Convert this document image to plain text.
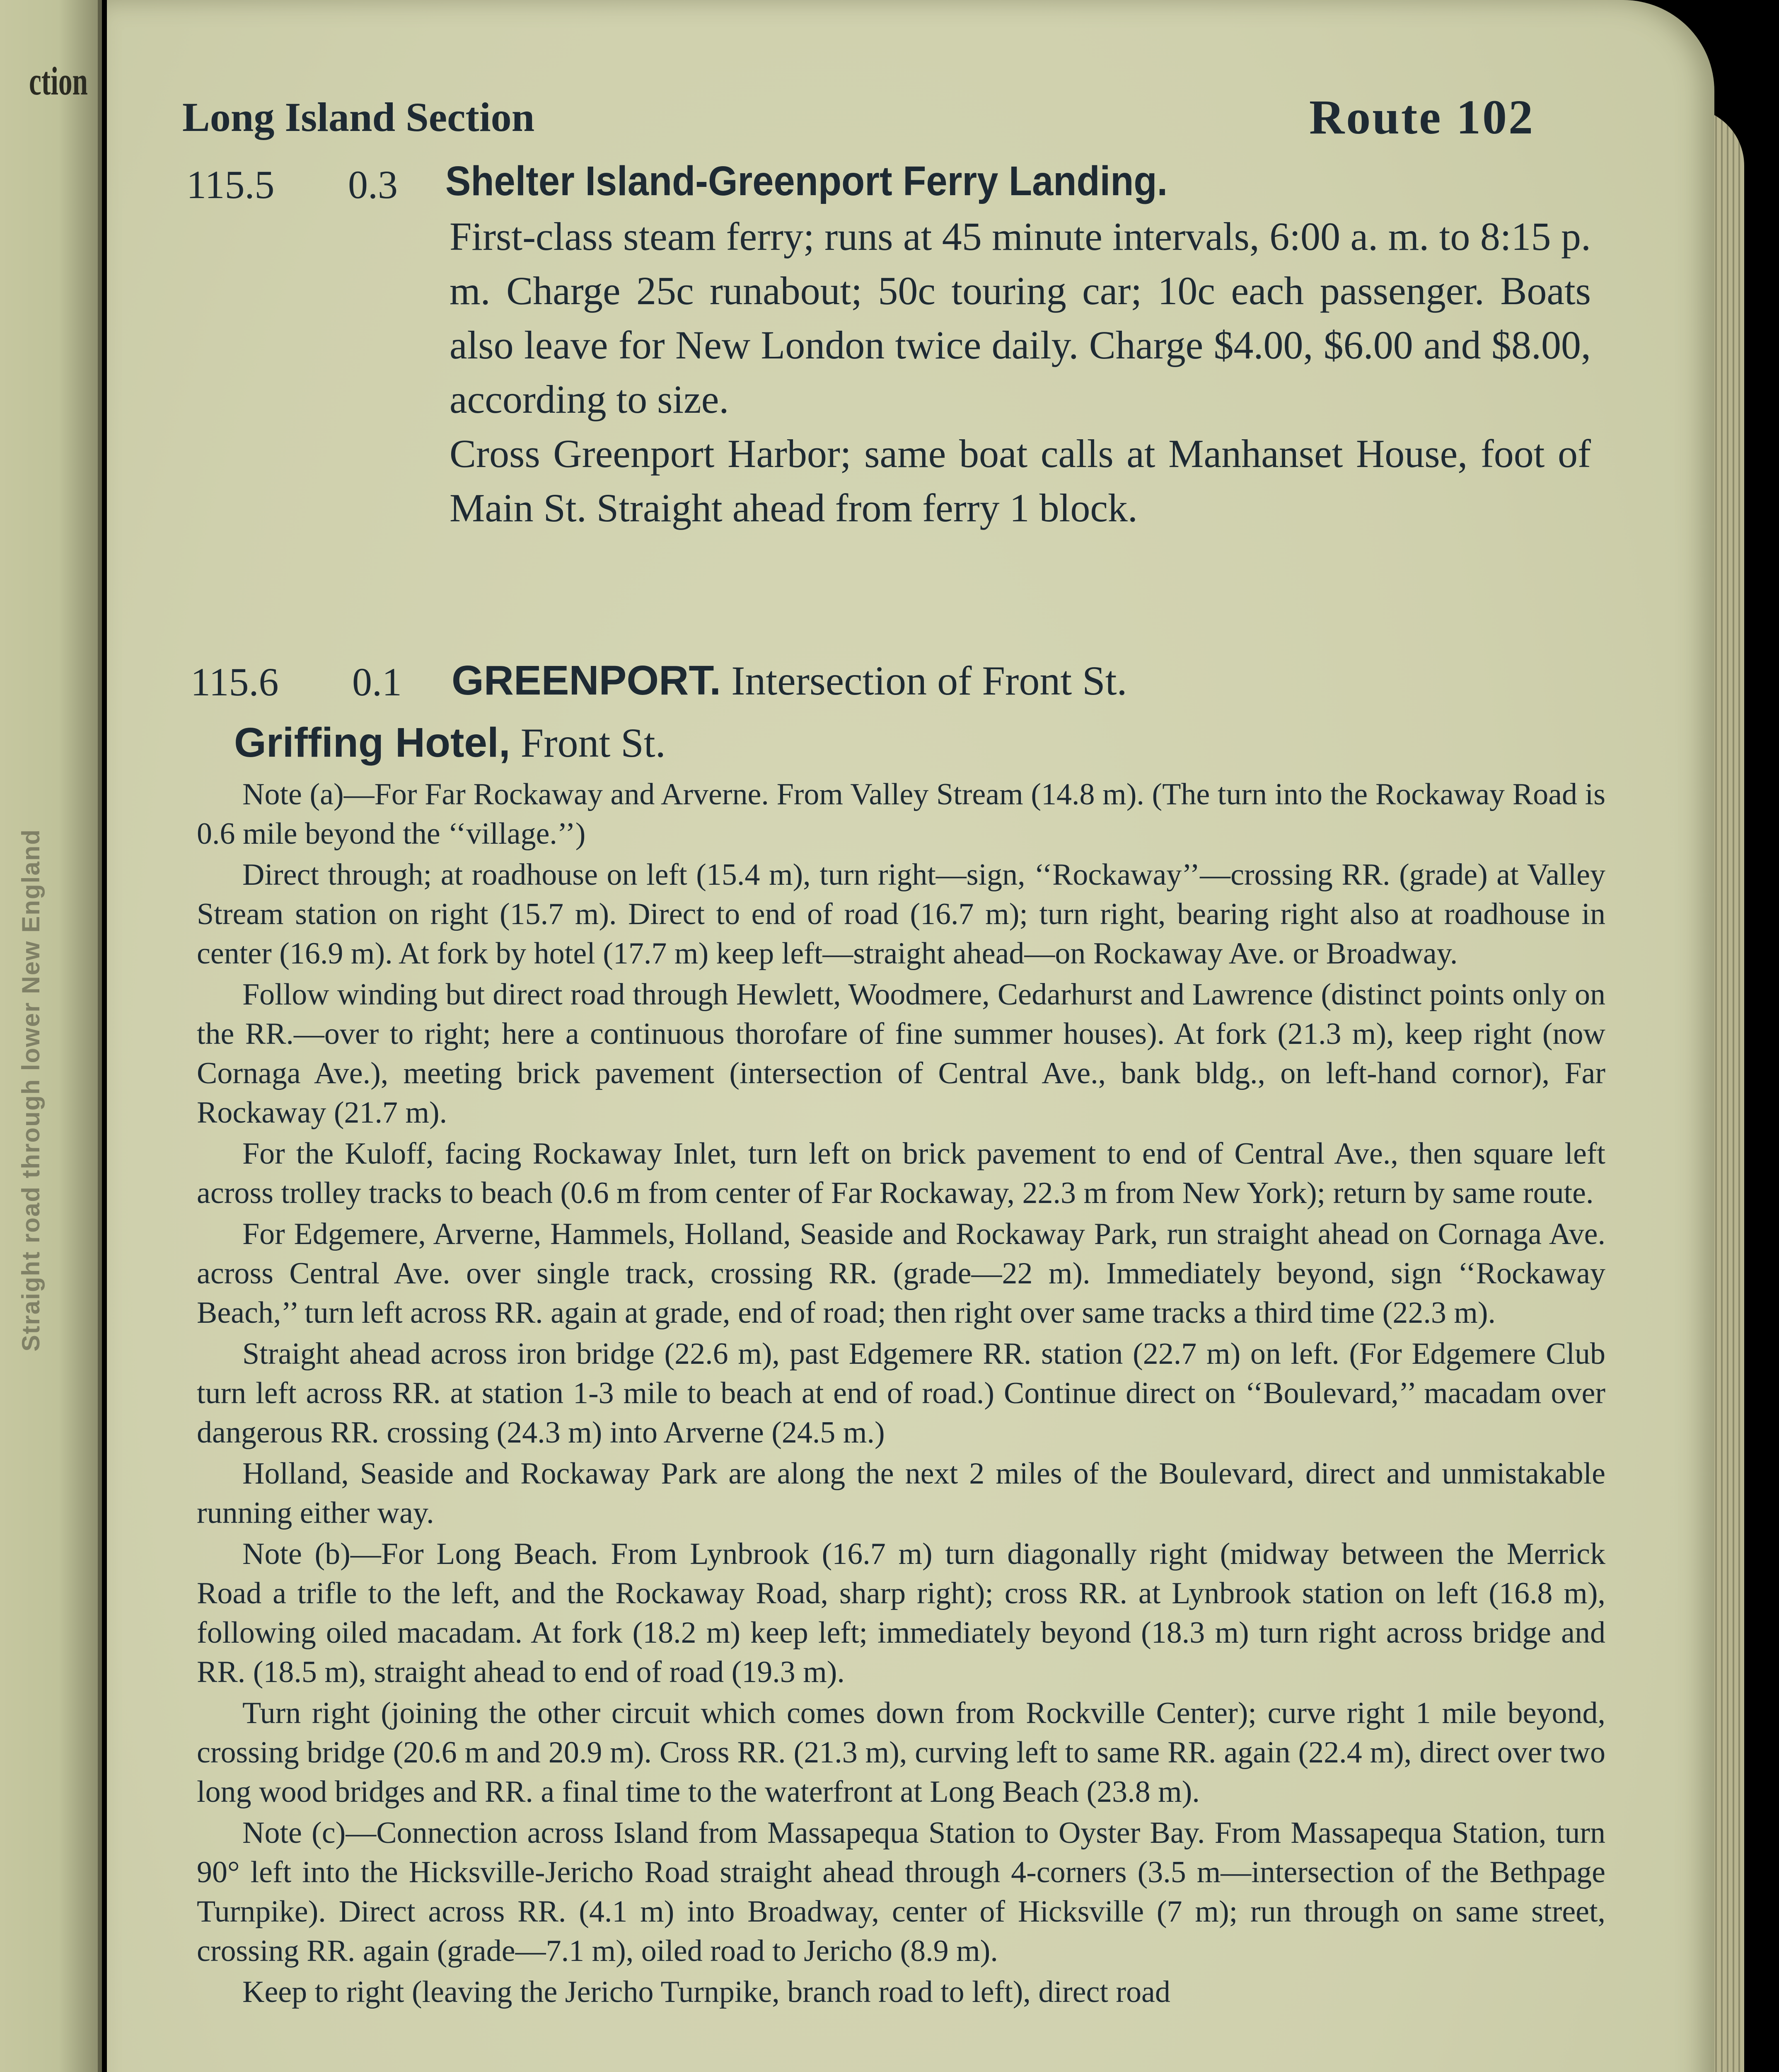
ction
Straight road through lower New England
Long Island Section	Route 102
115.5 0.3 Shelter Island-Greenport Ferry Landing.

First-class steam ferry; runs at 45 minute intervals, 6:00 a. m. to 8:15 p. m. Charge 25c runabout; 50c touring car; 10c each passenger. Boats also leave for New London twice daily. Charge $4.00, $6.00 and $8.00, according to size.

Cross Greenport Harbor; same boat calls at Manhanset House, foot of Main St. Straight ahead from ferry 1 block.

115.6 0.1 GREENPORT. Intersection of Front St.
Griffing Hotel, Front St.

Note (a)—For Far Rockaway and Arverne. From Valley Stream (14.8 m). (The turn into the Rockaway Road is 0.6 mile beyond the ‘‘village.’’)

Direct through; at roadhouse on left (15.4 m), turn right—sign, ‘‘Rockaway’’—crossing RR. (grade) at Valley Stream station on right (15.7 m). Direct to end of road (16.7 m); turn right, bearing right also at roadhouse in center (16.9 m). At fork by hotel (17.7 m) keep left—straight ahead—on Rockaway Ave. or Broadway.

Follow winding but direct road through Hewlett, Woodmere, Cedarhurst and Lawrence (distinct points only on the RR.—over to right; here a continuous thorofare of fine summer houses). At fork (21.3 m), keep right (now Cornaga Ave.), meeting brick pavement (intersection of Central Ave., bank bldg., on left-hand cornor), Far Rockaway (21.7 m).

For the Kuloff, facing Rockaway Inlet, turn left on brick pavement to end of Central Ave., then square left across trolley tracks to beach (0.6 m from center of Far Rockaway, 22.3 m from New York); return by same route.

For Edgemere, Arverne, Hammels, Holland, Seaside and Rockaway Park, run straight ahead on Cornaga Ave. across Central Ave. over single track, crossing RR. (grade—22 m). Immediately beyond, sign ‘‘Rockaway Beach,’’ turn left across RR. again at grade, end of road; then right over same tracks a third time (22.3 m).

Straight ahead across iron bridge (22.6 m), past Edgemere RR. station (22.7 m) on left. (For Edgemere Club turn left across RR. at station 1-3 mile to beach at end of road.) Continue direct on ‘‘Boulevard,’’ macadam over dangerous RR. crossing (24.3 m) into Arverne (24.5 m.)

Holland, Seaside and Rockaway Park are along the next 2 miles of the Boulevard, direct and unmistakable running either way.

Note (b)—For Long Beach. From Lynbrook (16.7 m) turn diagonally right (midway between the Merrick Road a trifle to the left, and the Rockaway Road, sharp right); cross RR. at Lynbrook station on left (16.8 m), following oiled macadam. At fork (18.2 m) keep left; immediately beyond (18.3 m) turn right across bridge and RR. (18.5 m), straight ahead to end of road (19.3 m).

Turn right (joining the other circuit which comes down from Rockville Center); curve right 1 mile beyond, crossing bridge (20.6 m and 20.9 m). Cross RR. (21.3 m), curving left to same RR. again (22.4 m), direct over two long wood bridges and RR. a final time to the waterfront at Long Beach (23.8 m).

Note (c)—Connection across Island from Massapequa Station to Oyster Bay. From Massapequa Station, turn 90° left into the Hicksville-Jericho Road straight ahead through 4-corners (3.5 m—intersection of the Bethpage Turnpike). Direct across RR. (4.1 m) into Broadway, center of Hicksville (7 m); run through on same street, crossing RR. again (grade—7.1 m), oiled road to Jericho (8.9 m).

Keep to right (leaving the Jericho Turnpike, branch road to left), direct road
